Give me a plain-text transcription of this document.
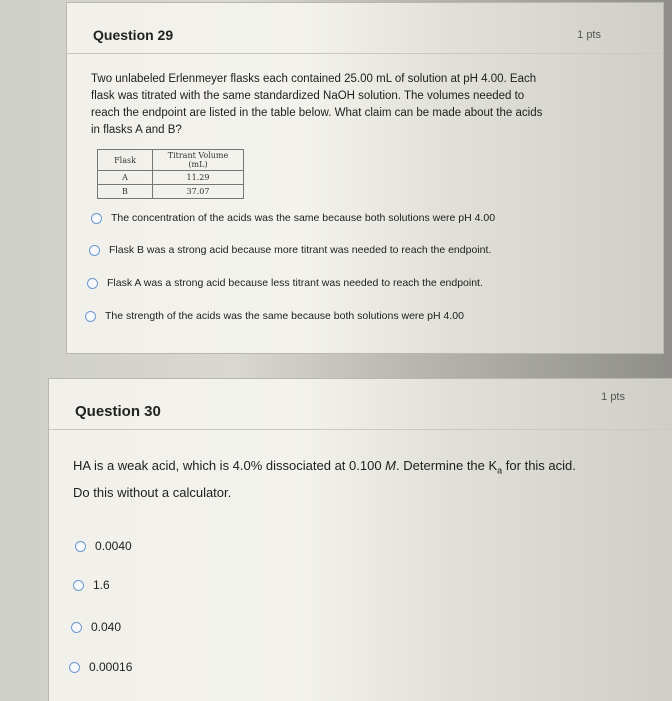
Question 29	1 pts
Two unlabeled Erlenmeyer flasks each contained 25.00 mL of solution at pH 4.00. Each
flask was titrated with the same standardized NaOH solution. The volumes needed to
reach the endpoint are listed in the table below. What claim can be made about the acids
in flasks A and B?
Flask	Titrant Volume (mL)
A	11.29
B	37.07
The concentration of the acids was the same because both solutions were pH 4.00
Flask B was a strong acid because more titrant was needed to reach the endpoint.
Flask A was a strong acid because less titrant was needed to reach the endpoint.
The strength of the acids was the same because both solutions were pH 4.00
Question 30
1 pts
HA is a weak acid, which is 4.0% dissociated at 0.100 M. Determine the $K_a$ for this acid.
Do this without a calculator.
0.0040
1.6
0.040
0.00016
